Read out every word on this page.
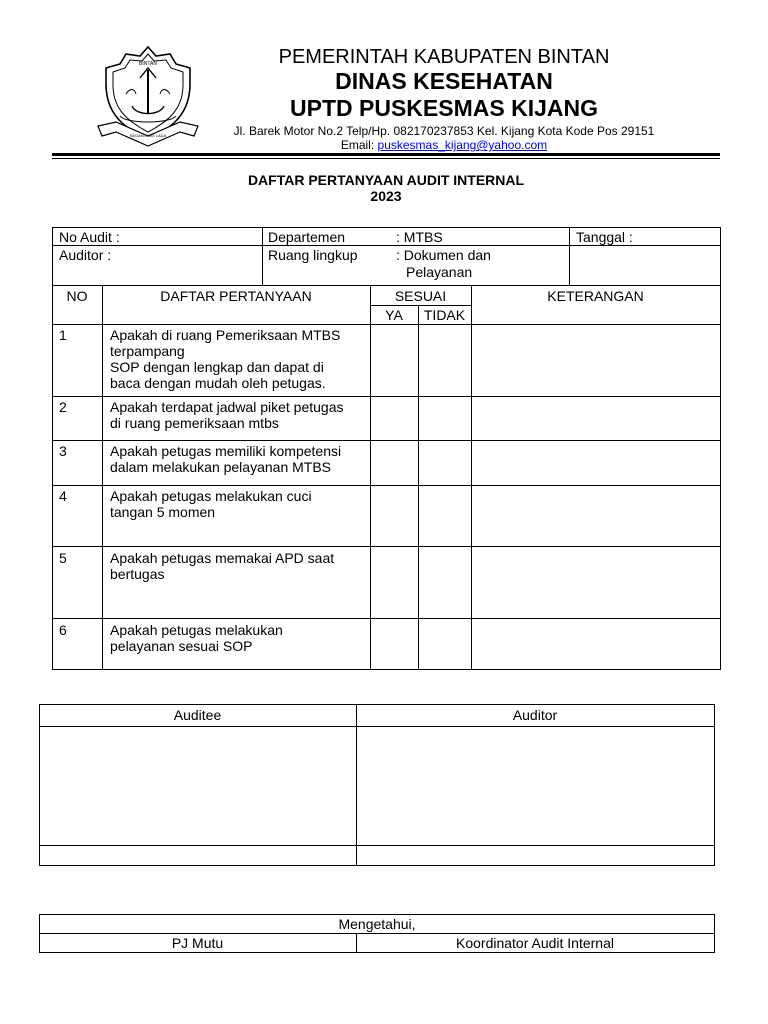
BINTAN
SEGANTANG LADA
PEMERINTAH KABUPATEN BINTAN
DINAS KESEHATAN
UPTD PUSKESMAS KIJANG
Jl. Barek Motor No.2 Telp/Hp. 082170237853 Kel. Kijang Kota Kode Pos 29151
Email: puskesmas_kijang@yahoo.com
DAFTAR PERTANYAAN AUDIT INTERNAL
2023
No Audit :	Departemen	: MTBS	Tanggal :
Auditor :	Ruang lingkup	: Dokumen dan
Pelayanan
NO	DAFTAR PERTANYAAN	SESUAI	KETERANGAN
YA	TIDAK
1	Apakah di ruang Pemeriksaan MTBS
terpampang
SOP dengan lengkap dan dapat di
baca dengan mudah oleh petugas.
2	Apakah terdapat jadwal piket petugas
di ruang pemeriksaan mtbs
3	Apakah petugas memiliki kompetensi
dalam melakukan pelayanan MTBS
4	Apakah petugas melakukan cuci
tangan 5 momen
5	Apakah petugas memakai APD saat
bertugas
6	Apakah petugas melakukan
pelayanan sesuai SOP
Auditee	Auditor
Mengetahui,
PJ Mutu	Koordinator Audit Internal
